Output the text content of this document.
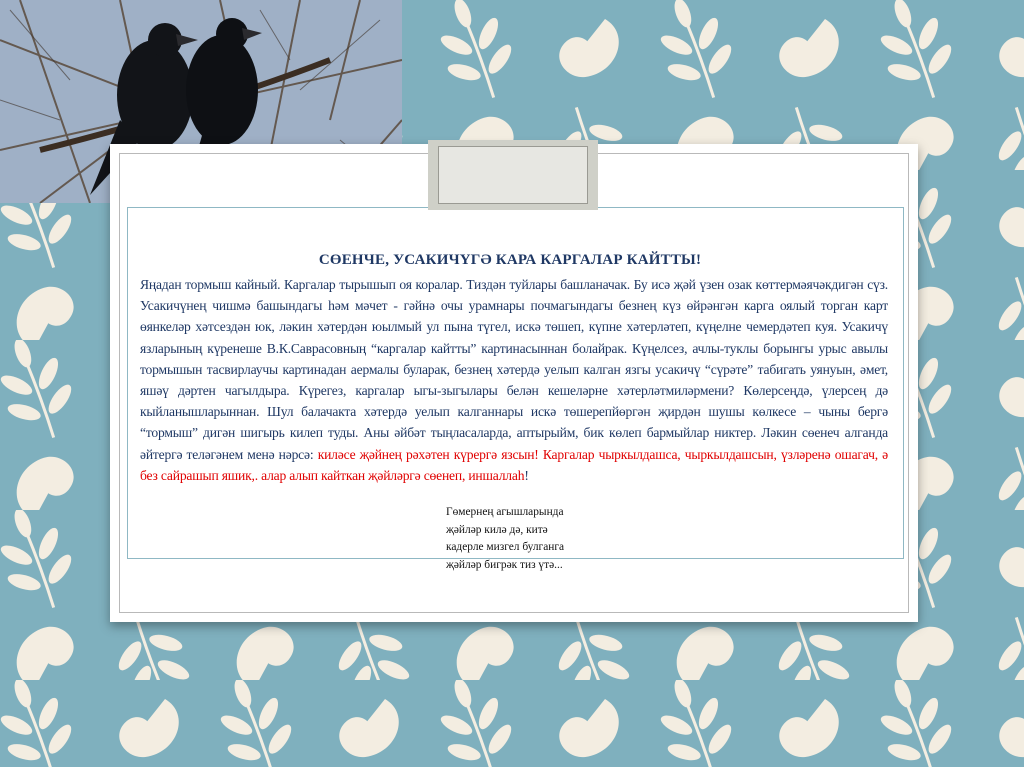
СӨЕНЧЕ, УСАКИЧҮГӘ КАРА КАРГАЛАР КАЙТТЫ!
Яңадан тормыш кайный. Каргалар тырышып оя коралар. Тиздән туйлары башланачак. Бу исә җәй үзен озак көттермәячәкдигән сүз. Усакичүнең чишмә башындагы һәм мәчет - гәйнә очы урамнары почмагындагы безнең күз өйрәнгән карга оялый торган карт өянкеләр хәтсездән юк, ләкин хәтердән юылмый ул пына түгел, искә төшеп, күпне хәтерләтеп, күңелне чемердәтеп куя. Усакичү язларының күренеше В.К.Саврасовның “каргалар кайтты” картинасыннан болайрак. Күңелсез, ачлы-туклы борынгы урыс авылы тормышын тасвирлаучы картинадан аермалы буларак, безнең хәтердә уелып калган язгы усакичү “сүрәте” табигать уянуын, әмет, яшәү дәртен чагылдыра. Күрегез, каргалар ыгы-зыгылары белән кешеләрне хәтерләтмиләрмени? Көлерсеңдә, үлерсең дә кыйланышларыннан. Шул балачакта хәтердә уелып калганнары искә төшерепйөргән җирдән шушы көлкесе – чыны бергә “тормыш” дигән шигырь килеп туды. Аны әйбәт тыңласаларда, аптырыйм, бик көлеп бармыйлар никтер. Ләкин сөенеч алганда әйтергә теләгәнем менә нәрсә: киләсе җәйнең рәхәтен күрергә язсын! Каргалар чыркылдашса, чыркылдашсын, үзләренә ошагач, ә без сайрашып яшик,. алар алып кайткан җәйләргә сөенеп, иншаллаһ!
Гөмернең агышларында
җәйләр килә дә, китә
кадерле мизгел булганга
җәйләр бигрәк тиз үтә...
